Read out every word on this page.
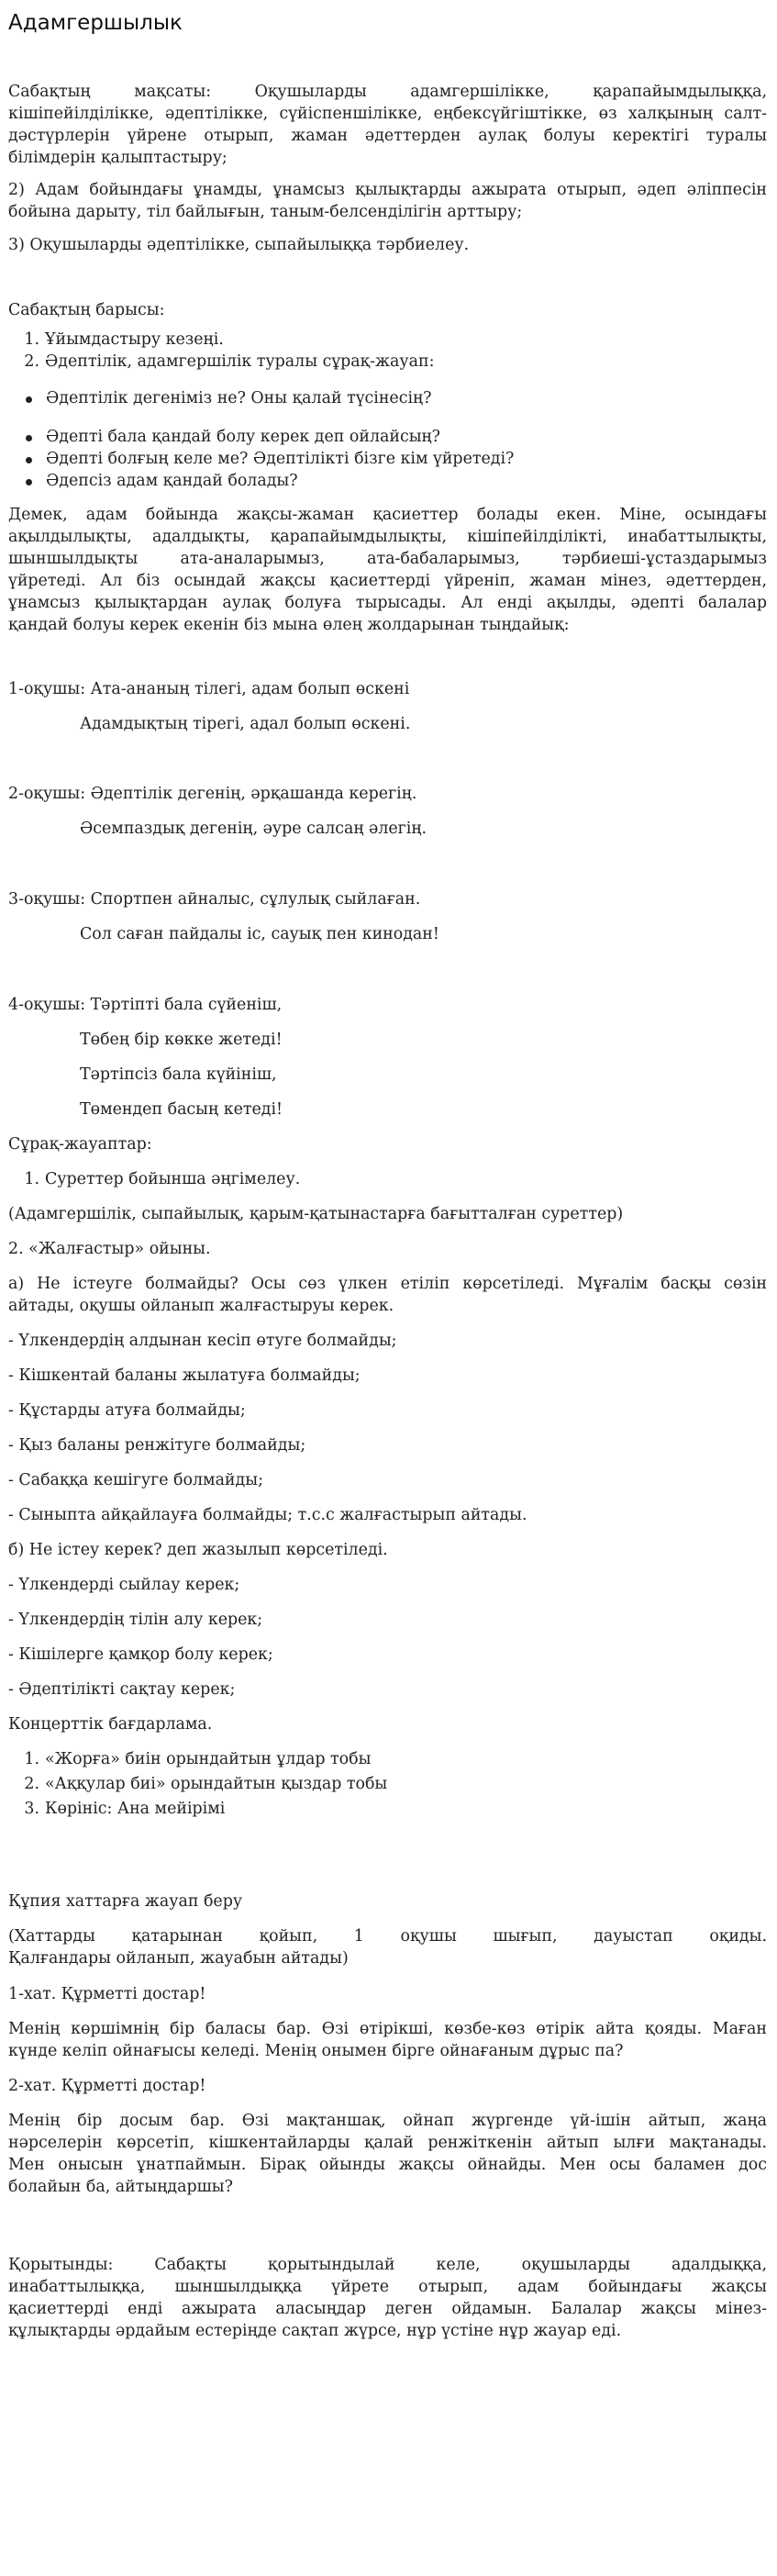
Адамгершылык

Сабақтың мақсаты: Оқушыларды адамгершілікке, қарапайымдылыққа,

кішіпейілділікке, әдептілікке, сүйіспеншілікке, еңбексүйгіштікке, өз халқының салт-

дәстүрлерін үйрене отырып, жаман әдеттерден аулақ болуы керектігі туралы

білімдерін қалыптастыру;

2) Адам бойындағы ұнамды, ұнамсыз қылықтарды ажырата отырып, әдеп әліппесін

бойына дарыту, тіл байлығын, таным-белсенділігін арттыру;

3) Оқушыларды әдептілікке, сыпайылыққа тәрбиелеу.

Сабақтың барысы:

1. Ұйымдастыру кезеңі.

2. Әдептілік, адамгершілік туралы сұрақ-жауап:

Әдептілік дегеніміз не? Оны қалай түсінесің?

Әдепті бала қандай болу керек деп ойлайсың?

Әдепті болғың келе ме? Әдептілікті бізге кім үйретеді?

Әдепсіз адам қандай болады?

Демек, адам бойында жақсы-жаман қасиеттер болады екен. Міне, осындағы

ақылдылықты, адалдықты, қарапайымдылықты, кішіпейілділікті, инабаттылықты,

шыншылдықты ата-аналарымыз, ата-бабаларымыз, тәрбиеші-ұстаздарымыз

үйретеді. Ал біз осындай жақсы қасиеттерді үйреніп, жаман мінез, әдеттерден,

ұнамсыз қылықтардан аулақ болуға тырысады. Ал енді ақылды, әдепті балалар

қандай болуы керек екенін біз мына өлең жолдарынан тыңдайық:

1-оқушы: Ата-ананың тілегі, адам болып өскені

Адамдықтың тірегі, адал болып өскені.

2-оқушы: Әдептілік дегенің, әрқашанда керегің.

Әсемпаздық дегенің, әуре салсаң әлегің.

3-оқушы: Спортпен айналыс, сұлулық сыйлаған.

Сол саған пайдалы іс, сауық пен кинодан!

4-оқушы: Тәртіпті бала сүйеніш,

Төбең бір көкке жетеді!

Тәртіпсіз бала күйініш,

Төмендеп басың кетеді!

Сұрақ-жауаптар:

1. Суреттер бойынша әңгімелеу.

(Адамгершілік, сыпайылық, қарым-қатынастарға бағытталған суреттер)

2. «Жалғастыр» ойыны.

а) Не істеуге болмайды? Осы сөз үлкен етіліп көрсетіледі. Мұғалім басқы сөзін

айтады, оқушы ойланып жалғастыруы керек.

- Үлкендердің алдынан кесіп өтуге болмайды;

- Кішкентай баланы жылатуға болмайды;

- Құстарды атуға болмайды;

- Қыз баланы ренжітуге болмайды;

- Сабаққа кешігуге болмайды;

- Сыныпта айқайлауға болмайды; т.с.с жалғастырып айтады.

б) Не істеу керек? деп жазылып көрсетіледі.

- Үлкендерді сыйлау керек;

- Үлкендердің тілін алу керек;

- Кішілерге қамқор болу керек;

- Әдептілікті сақтау керек;

Концерттік бағдарлама.

1. «Жорға» биін орындайтын ұлдар тобы

2. «Аққулар биі» орындайтын қыздар тобы

3. Көрініс: Ана мейірімі

Құпия хаттарға жауап беру

(Хаттарды қатарынан қойып, 1 оқушы шығып, дауыстап оқиды.

Қалғандары ойланып, жауабын айтады)

1-хат. Құрметті достар!

Менің көршімнің бір баласы бар. Өзі өтірікші, көзбе-көз өтірік айта қояды. Маған

күнде келіп ойнағысы келеді. Менің онымен бірге ойнағаным дұрыс па?

2-хат. Құрметті достар!

Менің бір досым бар. Өзі мақтаншақ, ойнап жүргенде үй-ішін айтып, жаңа

нәрселерін көрсетіп, кішкентайларды қалай ренжіткенін айтып ылғи мақтанады.

Мен онысын ұнатпаймын. Бірақ ойынды жақсы ойнайды. Мен осы баламен дос

болайын ба, айтыңдаршы?

Қорытынды: Сабақты қорытындылай келе, оқушыларды адалдыққа,

инабаттылыққа, шыншылдыққа үйрете отырып, адам бойындағы жақсы

қасиеттерді енді ажырата аласыңдар деген ойдамын. Балалар жақсы мінез-

құлықтарды әрдайым естеріңде сақтап жүрсе, нұр үстіне нұр жауар еді.
